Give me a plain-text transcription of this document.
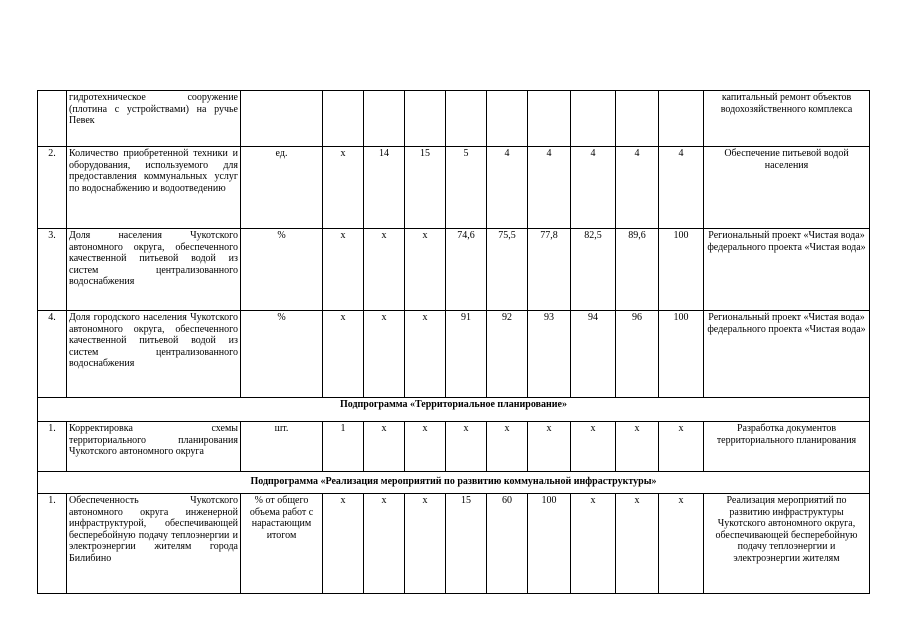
	гидротехническое сооружение (плотина с устройствами) на ручье Певек											капитальный ремонт объектов водохозяйственного комплекса
2.	Количество приобретенной техники и оборудования, используемого для предоставления коммунальных услуг по водоснабжению и водоотведению	ед.	x	14	15	5	4	4	4	4	4	Обеспечение питьевой водой населения
3.	Доля населения Чукотского автономного округа, обеспеченного качественной питьевой водой из систем централизованного водоснабжения	%	x	x	x	74,6	75,5	77,8	82,5	89,6	100	Региональный проект «Чистая вода» федерального проекта «Чистая вода»
4.	Доля городского населения Чукотского автономного округа, обеспеченного качественной питьевой водой из систем централизованного водоснабжения	%	x	x	x	91	92	93	94	96	100	Региональный проект «Чистая вода» федерального проекта «Чистая вода»
Подпрограмма «Территориальное планирование»												
1.	Корректировка схемы территориального планирования Чукотского автономного округа	шт.	1	x	x	x	x	x	x	x	x	Разработка документов территориального планирования
Подпрограмма «Реализация мероприятий по развитию коммунальной инфраструктуры»												
1.	Обеспеченность Чукотского автономного округа инженерной инфраструктурой, обеспечивающей бесперебойную подачу теплоэнергии и электроэнергии жителям города Билибино	% от общего объема работ с нарастающим итогом	x	x	x	15	60	100	x	x	x	Реализация мероприятий по развитию инфраструктуры Чукотского автономного округа, обеспечивающей бесперебойную подачу теплоэнергии и электроэнергии жителям
